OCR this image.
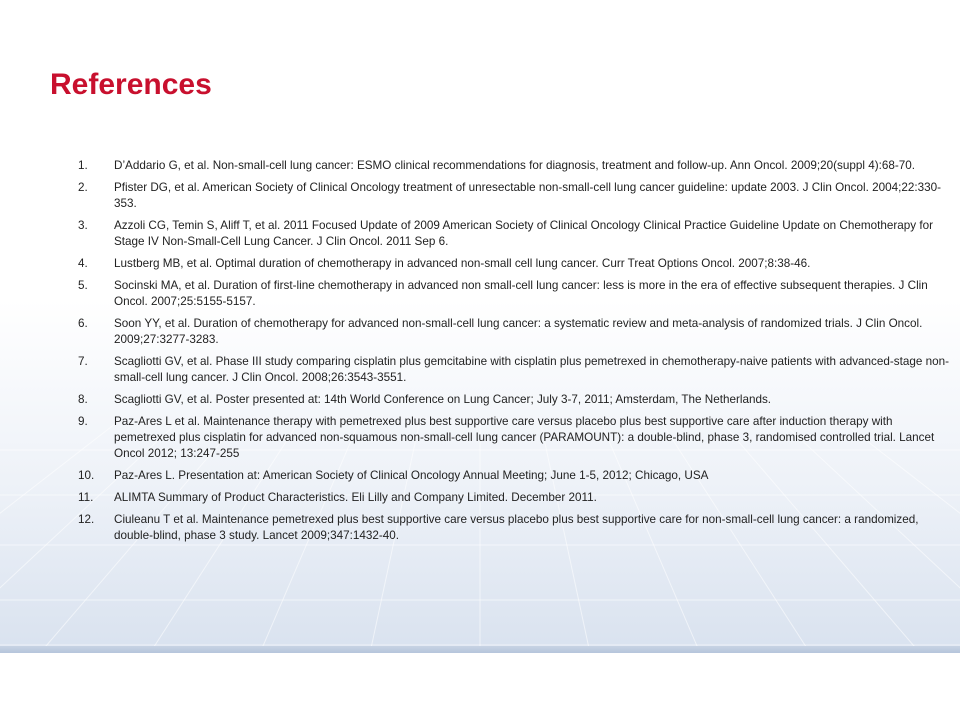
References
1.	D’Addario G, et al. Non-small-cell lung cancer: ESMO clinical recommendations for diagnosis, treatment and follow-up. Ann Oncol. 2009;20(suppl 4):68-70.
2.	Pfister DG, et al. American Society of Clinical Oncology treatment of unresectable non-small-cell lung cancer guideline: update 2003. J Clin Oncol. 2004;22:330-353.
3.	Azzoli CG, Temin S, Aliff T, et al. 2011 Focused Update of 2009 American Society of Clinical Oncology Clinical Practice Guideline Update on Chemotherapy for Stage IV Non-Small-Cell Lung Cancer. J Clin Oncol. 2011 Sep 6.
4.	Lustberg MB, et al. Optimal duration of chemotherapy in advanced non-small cell lung cancer. Curr Treat Options Oncol. 2007;8:38-46.
5.	Socinski MA, et al. Duration of first-line chemotherapy in advanced non small-cell lung cancer: less is more in the era of effective subsequent therapies. J Clin Oncol. 2007;25:5155-5157.
6.	Soon YY, et al. Duration of chemotherapy for advanced non-small-cell lung cancer: a systematic review and meta-analysis of randomized trials. J Clin Oncol. 2009;27:3277-3283.
7.	Scagliotti GV, et al. Phase III study comparing cisplatin plus gemcitabine with cisplatin plus pemetrexed in chemotherapy-naive patients with advanced-stage non-small-cell lung cancer. J Clin Oncol. 2008;26:3543-3551.
8.	Scagliotti GV, et al. Poster presented at: 14th World Conference on Lung Cancer; July 3-7, 2011; Amsterdam, The Netherlands.
9.	Paz-Ares L et al. Maintenance therapy with pemetrexed plus best supportive care versus placebo plus best supportive care after induction therapy with pemetrexed plus cisplatin for advanced non-squamous non-small-cell lung cancer (PARAMOUNT): a double-blind, phase 3, randomised controlled trial. Lancet Oncol 2012; 13:247-255
10.	Paz-Ares L. Presentation at: American Society of Clinical Oncology Annual Meeting; June 1-5, 2012; Chicago, USA
11.	ALIMTA Summary of Product Characteristics. Eli Lilly and Company Limited. December 2011.
12.	Ciuleanu T et al. Maintenance pemetrexed plus best supportive care versus placebo plus best supportive care for non-small-cell lung cancer: a randomized, double-blind, phase 3 study. Lancet 2009;347:1432-40.
